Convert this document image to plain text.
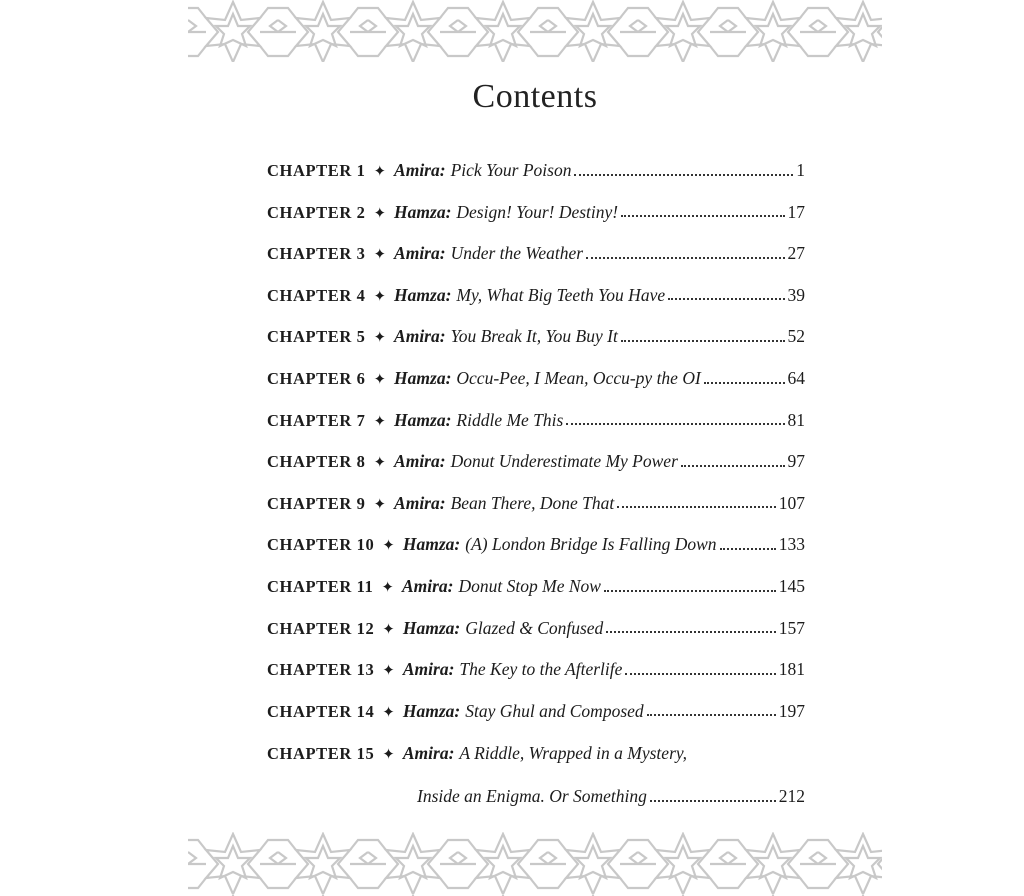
Contents
CHAPTER 1 ✦ Amira: Pick Your Poison	1
CHAPTER 2 ✦ Hamza: Design! Your! Destiny!	17
CHAPTER 3 ✦ Amira: Under the Weather	27
CHAPTER 4 ✦ Hamza: My, What Big Teeth You Have	39
CHAPTER 5 ✦ Amira: You Break It, You Buy It	52
CHAPTER 6 ✦ Hamza: Occu-Pee, I Mean, Occu-py the OI	64
CHAPTER 7 ✦ Hamza: Riddle Me This	81
CHAPTER 8 ✦ Amira: Donut Underestimate My Power	97
CHAPTER 9 ✦ Amira: Bean There, Done That	107
CHAPTER 10 ✦ Hamza: (A) London Bridge Is Falling Down	133
CHAPTER 11 ✦ Amira: Donut Stop Me Now	145
CHAPTER 12 ✦ Hamza: Glazed & Confused	157
CHAPTER 13 ✦ Amira: The Key to the Afterlife	181
CHAPTER 14 ✦ Hamza: Stay Ghul and Composed	197
CHAPTER 15 ✦ Amira: A Riddle, Wrapped in a Mystery,
Inside an Enigma. Or Something	212
